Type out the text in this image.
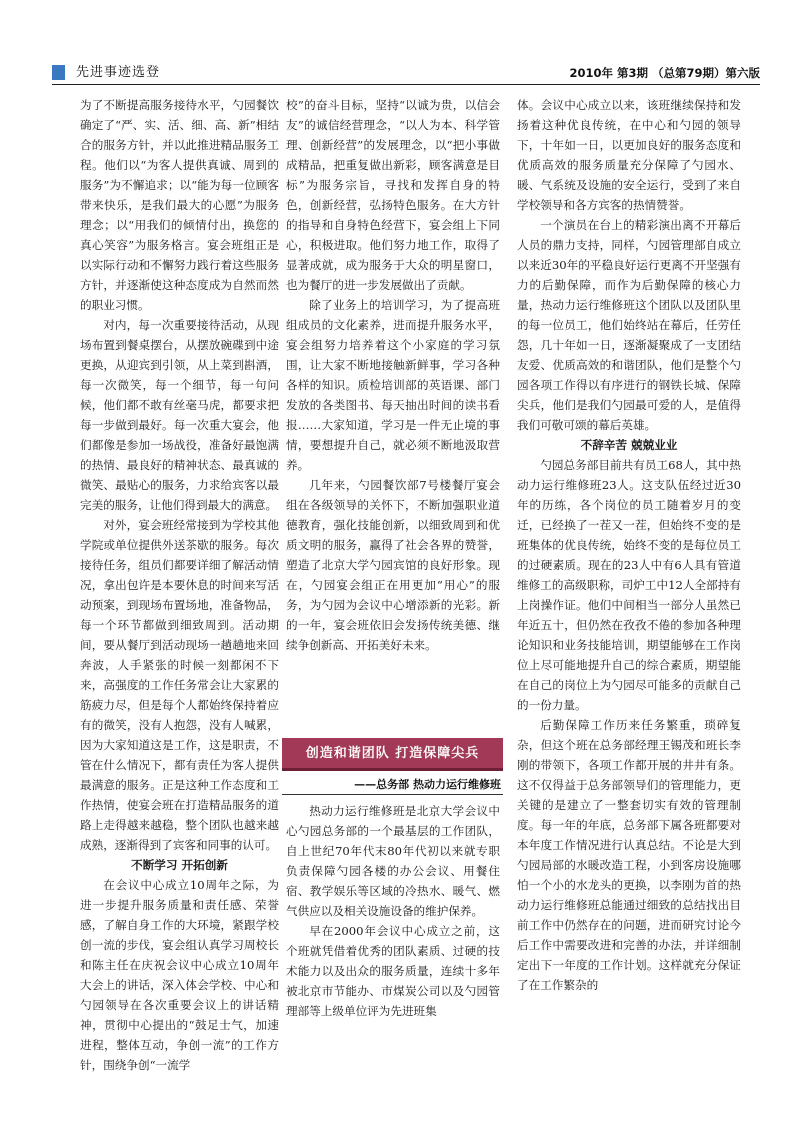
先进事迹选登	2010年 第3期 （总第79期）第六版

为了不断提高服务接待水平，勺园餐饮确定了“严、实、活、细、高、新”相结合的服务方针，并以此推进精品服务工程。他们以“为客人提供真诚、周到的服务”为不懈追求；以“能为每一位顾客带来快乐，是我们最大的心愿”为服务理念；以“用我们的倾情付出，换您的真心笑容”为服务格言。宴会班组正是以实际行动和不懈努力践行着这些服务方针，并逐渐使这种态度成为自然而然的职业习惯。

对内，每一次重要接待活动，从现场布置到餐桌摆台，从摆放碗碟到中途更换，从迎宾到引领，从上菜到斟酒，每一次微笑，每一个细节，每一句问候，他们都不敢有丝毫马虎，都要求把每一步做到最好。每一次重大宴会，他们都像是参加一场战役，准备好最饱满的热情、最良好的精神状态、最真诚的微笑、最贴心的服务，力求给宾客以最完美的服务，让他们得到最大的满意。

对外，宴会班经常接到为学校其他学院或单位提供外送茶歇的服务。每次接待任务，组员们都要详细了解活动情况，拿出包许是本要休息的时间来写活动预案，到现场布置场地，准备物品，每一个环节都做到细致周到。活动期间，要从餐厅到活动现场一趟趟地来回奔波，人手紧张的时候一刻都闲不下来，高强度的工作任务常会让大家累的筋疲力尽，但是每个人都始终保持着应有的微笑，没有人抱怨，没有人喊累，因为大家知道这是工作，这是职责，不管在什么情况下，都有责任为客人提供最满意的服务。正是这种工作态度和工作热情，使宴会班在打造精品服务的道路上走得越来越稳，整个团队也越来越成熟，逐渐得到了宾客和同事的认可。

不断学习 开拓创新

在会议中心成立10周年之际，为进一步提升服务质量和责任感、荣誉感，了解自身工作的大环境，紧跟学校创一流的步伐，宴会组认真学习周校长和陈主任在庆祝会议中心成立10周年大会上的讲话，深入体会学校、中心和勺园领导在各次重要会议上的讲话精神，贯彻中心提出的“鼓足士气，加速进程，整体互动，争创一流”的工作方针，围绕争创“一流学

校”的奋斗目标，坚持“以诚为贵，以信会友”的诚信经营理念，“以人为本、科学管理、创新经营”的发展理念，以“把小事做成精品，把重复做出新彩，顾客满意是目标”为服务宗旨，寻找和发挥自身的特色，创新经营，弘扬特色服务。在大方针的指导和自身特色经营下，宴会组上下同心，积极进取。他们努力地工作，取得了显著成就，成为服务于大众的明星窗口，也为餐厅的进一步发展做出了贡献。

除了业务上的培训学习，为了提高班组成员的文化素养，进而提升服务水平，宴会组努力培养着这个小家庭的学习氛围，让大家不断地接触新鲜事，学习各种各样的知识。质检培训部的英语课、部门发放的各类图书、每天抽出时间的读书看报……大家知道，学习是一件无止境的事情，要想提升自己，就必须不断地汲取营养。

几年来，勺园餐饮部7号楼餐厅宴会组在各级领导的关怀下，不断加强职业道德教育，强化技能创新，以细致周到和优质文明的服务，赢得了社会各界的赞誉，塑造了北京大学勺园宾馆的良好形象。现在，勺园宴会组正在用更加“用心”的服务，为勺园为会议中心增添新的光彩。新的一年，宴会班依旧会发扬传统美德、继续争创新高、开拓美好未来。

创造和谐团队 打造保障尖兵
——总务部 热动力运行维修班

热动力运行维修班是北京大学会议中心勺园总务部的一个最基层的工作团队，自上世纪70年代末80年代初以来就专职负责保障勺园各楼的办公会议、用餐住宿、教学娱乐等区域的冷热水、暖气、燃气供应以及相关设施设备的维护保养。

早在2000年会议中心成立之前，这个班就凭借着优秀的团队素质、过硬的技术能力以及出众的服务质量，连续十多年被北京市节能办、市煤炭公司以及勺园管理部等上级单位评为先进班集

体。会议中心成立以来，该班继续保持和发扬着这种优良传统，在中心和勺园的领导下，十年如一日，以更加良好的服务态度和优质高效的服务质量充分保障了勺园水、暖、气系统及设施的安全运行，受到了来自学校领导和各方宾客的热情赞誉。

一个演员在台上的精彩演出离不开幕后人员的鼎力支持，同样，勺园管理部自成立以来近30年的平稳良好运行更离不开坚强有力的后勤保障，而作为后勤保障的核心力量，热动力运行维修班这个团队以及团队里的每一位员工，他们始终站在幕后，任劳任怨，几十年如一日，逐渐凝聚成了一支团结友爱、优质高效的和谐团队，他们是整个勺园各项工作得以有序进行的钢铁长城、保障尖兵，他们是我们勺园最可爱的人，是值得我们可敬可颂的幕后英雄。

不辞辛苦 兢兢业业

勺园总务部目前共有员工68人，其中热动力运行维修班23人。这支队伍经过近30年的历练，各个岗位的员工随着岁月的变迁，已经换了一茬又一茬，但始终不变的是班集体的优良传统，始终不变的是每位员工的过硬素质。现在的23人中有6人具有管道维修工的高级职称，司炉工中12人全部持有上岗操作证。他们中间相当一部分人虽然已年近五十，但仍然在孜孜不倦的参加各种理论知识和业务技能培训，期望能够在工作岗位上尽可能地提升自己的综合素质，期望能在自己的岗位上为勺园尽可能多的贡献自己的一份力量。

后勤保障工作历来任务繁重，琐碎复杂，但这个班在总务部经理王锡茂和班长李刚的带领下，各项工作都开展的井井有条。这不仅得益于总务部领导们的管理能力，更关键的是建立了一整套切实有效的管理制度。每一年的年底，总务部下属各班都要对本年度工作情况进行认真总结。不论是大到勺园局部的水暖改造工程，小到客房设施哪怕一个小的水龙头的更换，以李刚为首的热动力运行维修班总能通过细致的总结找出目前工作中仍然存在的问题，进而研究讨论今后工作中需要改进和完善的办法，并详细制定出下一年度的工作计划。这样就充分保证了在工作繁杂的
